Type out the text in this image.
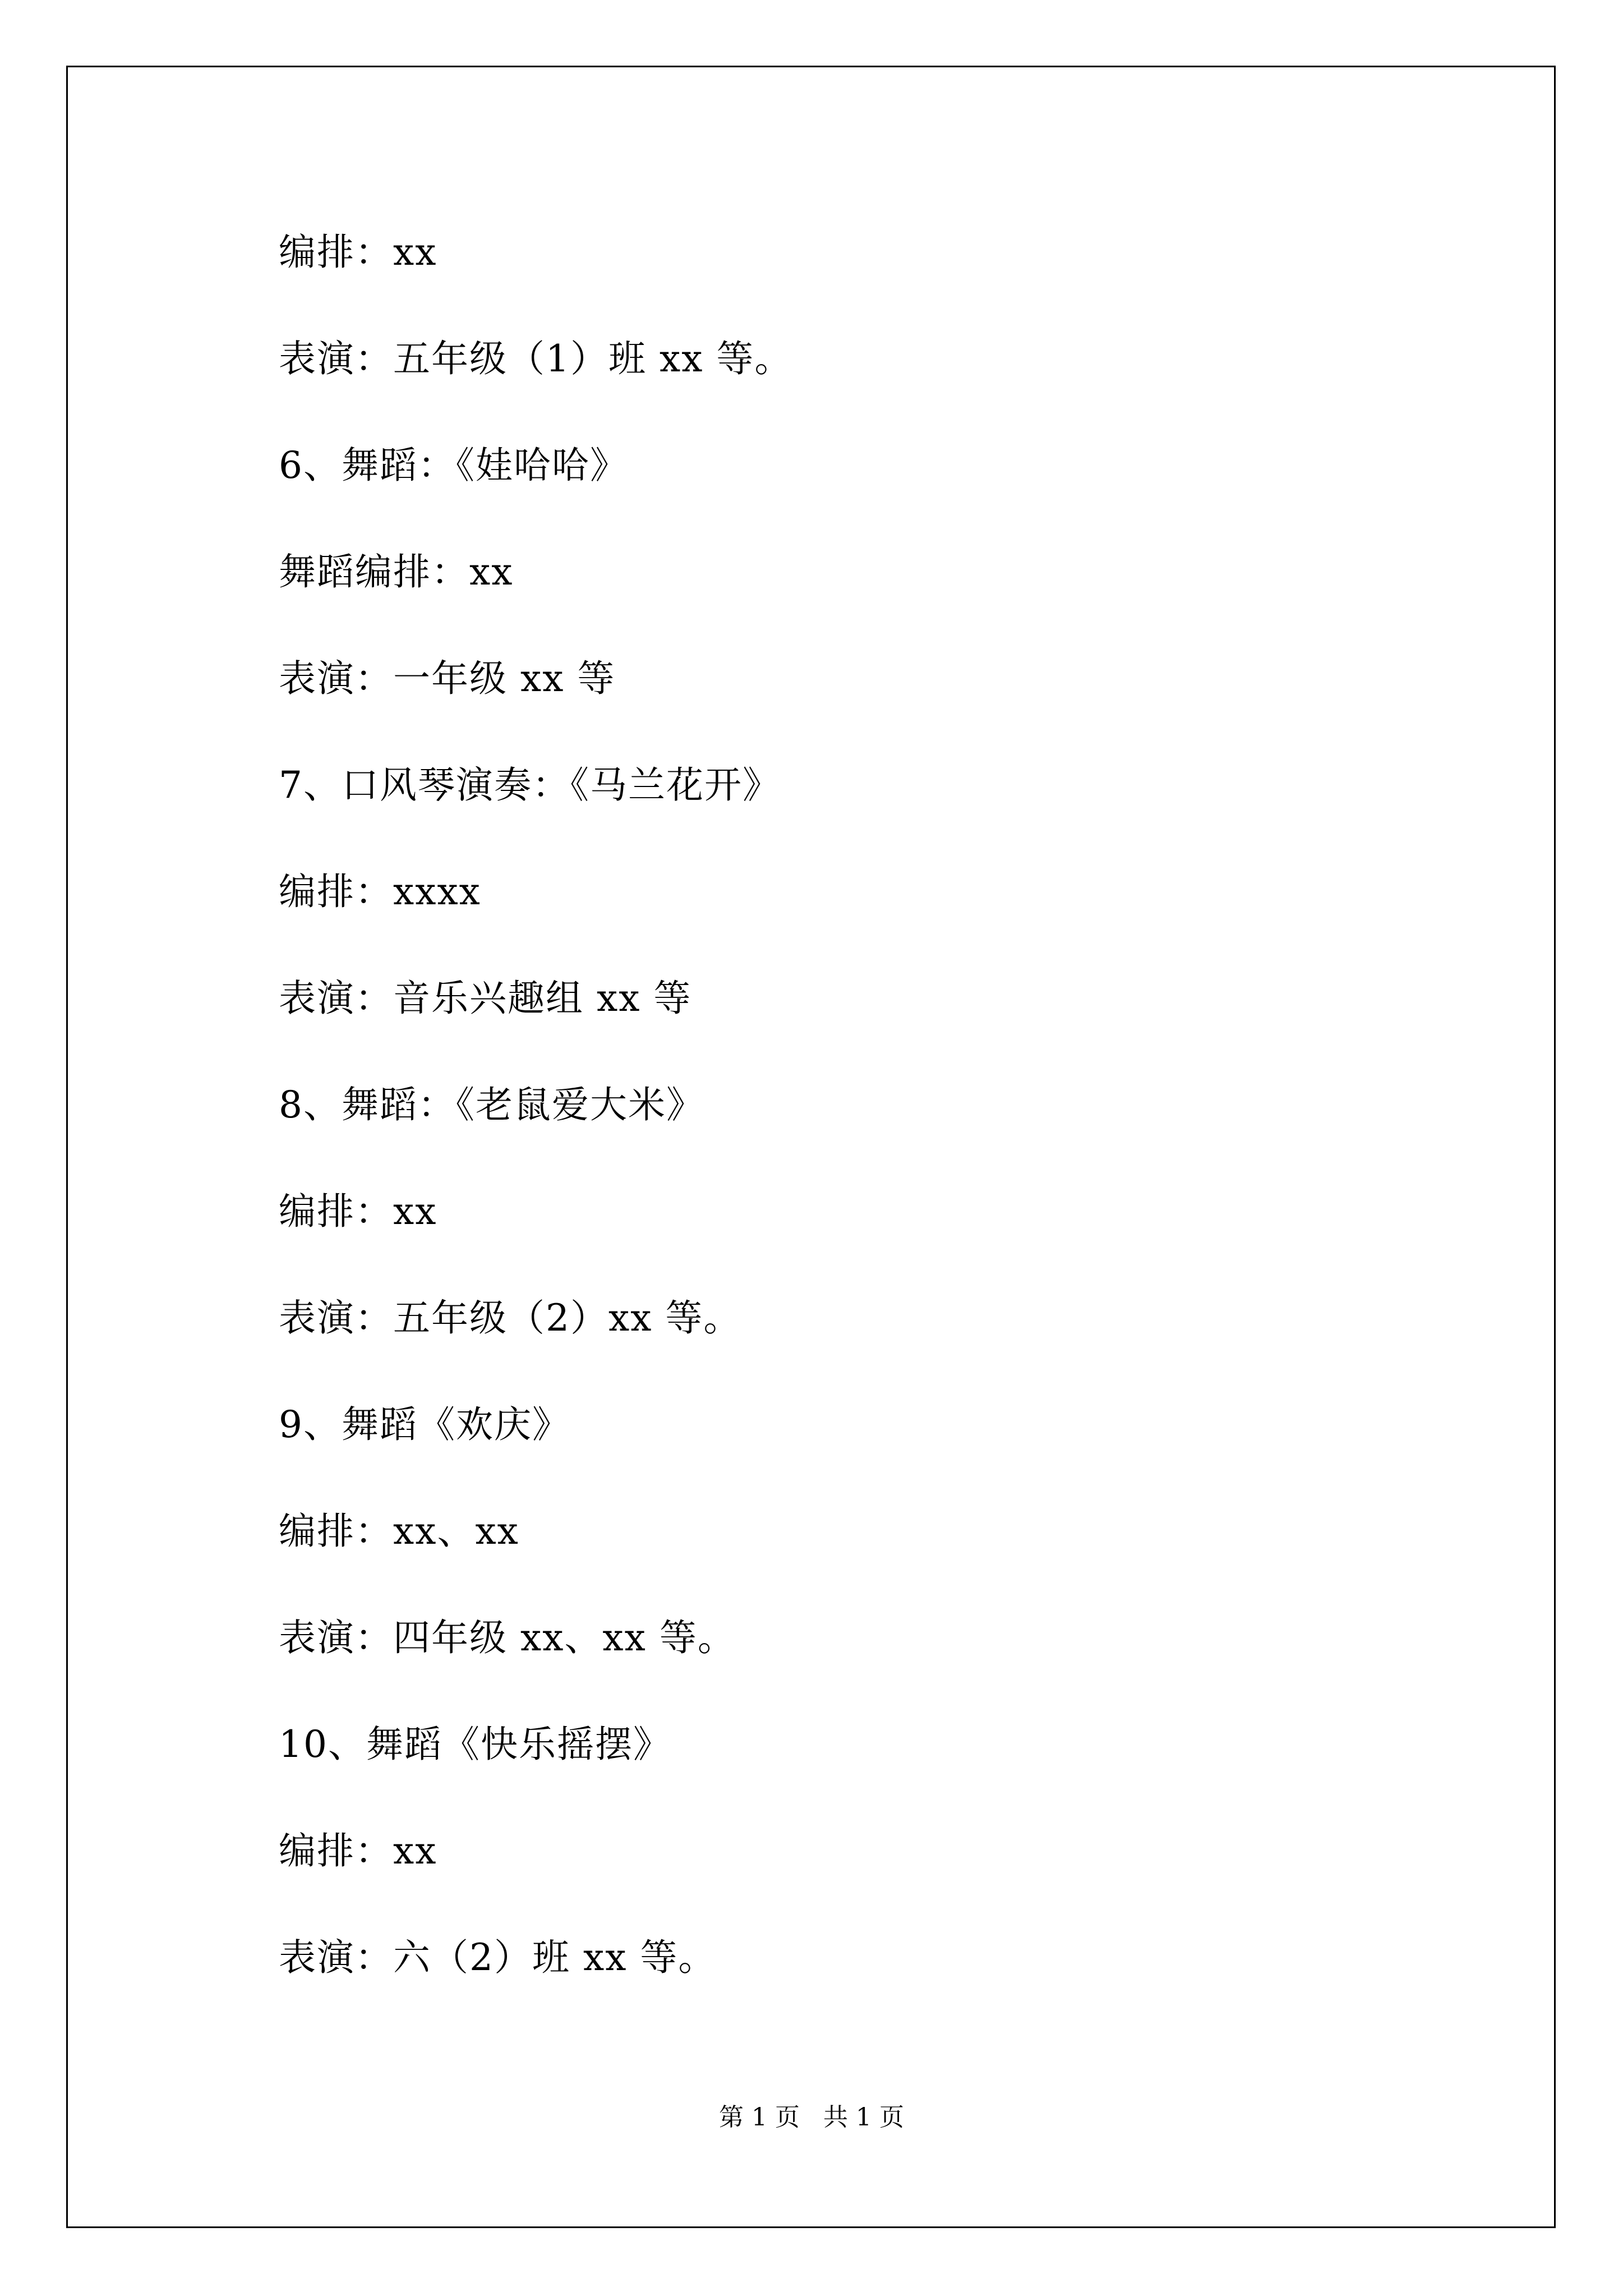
编排：xx
表演：五年级（1）班 xx 等。
6、舞蹈：《娃哈哈》
舞蹈编排：xx
表演：一年级 xx 等
7、口风琴演奏：《马兰花开》
编排：xxxx
表演：音乐兴趣组 xx 等
8、舞蹈：《老鼠爱大米》
编排：xx
表演：五年级（2）xx 等。
9、舞蹈《欢庆》
编排：xx、xx
表演：四年级 xx、xx 等。
10、舞蹈《快乐摇摆》
编排：xx
表演：六（2）班 xx 等。
第 1 页   共 1 页
